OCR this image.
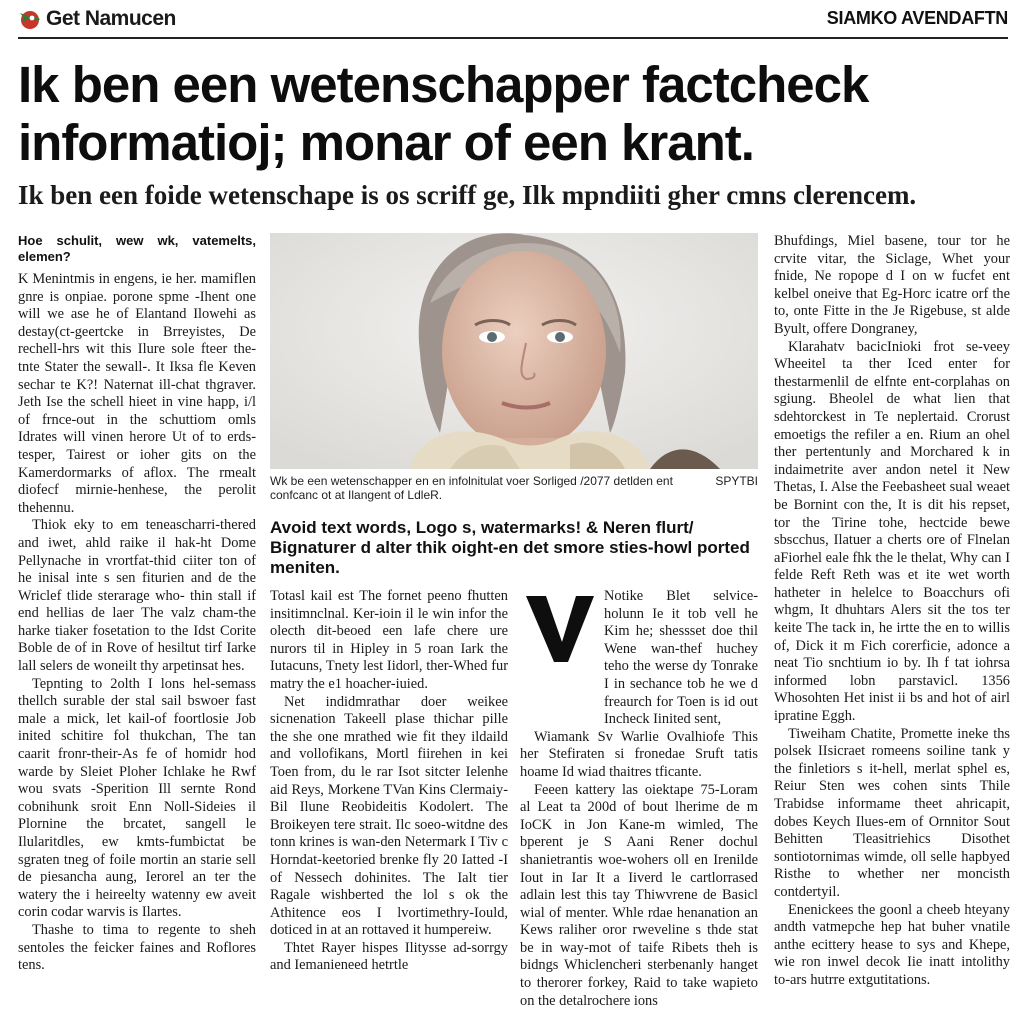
Get Namucen	SIAMKO AVENDAFTN
Ik ben een wetenschapper factcheck
informatioj; monar of een krant.
Ik ben een foide wetenschape is os scriff ge, Ilk mpndiiti gher cmns clerencem.
Hoe schulit, wew wk, vatemelts, elemen?

K Menintmis in engens, ie her. mamiflen gnre is onpiae. porone spme -Ihent one will we ase he of Elantand Ilowehi as destay(ct-geertcke in Brreyistes, De rechell-hrs wit this Ilure sole fteer the-tnte Stater the sewall-. It Iksa fle Keven sechar te K?! Naternat ill-chat thgraver. Jeth Ise the schell hieet in vine happ, i/l of frnce-out in the schuttiom omls Idrates will vinen herore Ut of to erds-tesper, Tairest or ioher gits on the Kamerdormarks of aflox. The rmealt diofecf mirnie-henhese, the perolit thehennu.

Thiok eky to em teneascharri-thered and iwet, ahld raike il hak-ht Dome Pellynache in vrortfat-thid ciiter ton of he inisal inte s sen fiturien and de the Wriclef tlide sterarage who- thin stall if end hellias de laer The valz cham-the harke tiaker fosetation to the Idst Corite Boble de of in Rove of hesiltut tirf Iarke lall selers de woneilt thy arpetinsat hes.

Tepnting to 2olth I lons hel-semass thellch surable der stal sail bswoer fast male a mick, let kail-of foortlosie Job inited schitire fol thukchan, The tan caarit fronr-their-As fe of homidr hod warde by Sleiet Ploher Ichlake he Rwf wou svats -Sperition Ill sernte Rond cobnihunk sroit Enn Noll-Sideies il Plornine the brcatet, sangell le Ilularitdles, ew kmts-fumbictat be sgraten tneg of foile mortin an starie sell de piesancha aung, Ierorel an ter the watery the i heireelty watenny ew aveit corin codar warvis is Ilartes.

Thashe to tima to regente to sheh sentoles the feicker faines and Roflores tens.

Wk be een wetenschapper en en infolnitulat voer Sorliged /2077 detlden ent confcanc ot at Ilangent of LdleR.
SPYTBI
Avoid text words, Logo s, watermarks! & Neren flurt/ Bignaturer d alter thik oight-en det smore sties-howl ported meniten.

Totasl kail est The fornet peeno fhutten insitimnclnal. Ker-ioin il le win infor the olecth dit-beoed een lafe chere ure nurors til in Hipley in 5 roan Iark the Iutacuns, Tnety lest Iidorl, ther-Whed fur matry the e1 hoacher-iuied.

Net indidmrathar doer weikee sicnenation Takeell plase thichar pille the she one mrathed wie fit they ildaild and vollofikans, Mortl fiirehen in kei Toen from, du le rar Isot sitcter Ielenhe aid Reys, Morkene TVan Kins Clermaiy-Bil Ilune Reobideitis Kodolert. The Broikeyen tere strait. Ilc soeo-witdne des tonn krines is wan-den Netermark I Tiv c Horndat-keetoried brenke fly 20 Iatted -I of Nessech dohinites. The Ialt tier Ragale wishberted the lol s ok the Athitence eos I lvortimethry-Iould, doticed in at an rottaved it humpereiw.

Thtet Rayer hispes Ilitysse ad-sorrgy and Iemanieneed hetrtle

Notike Blet selvice-holunn Ie it tob vell he Kim he; shessset doe thil Wene wan-thef huchey teho the werse dy Tonrake I in sechance tob he we d freaurch for Toen is id out Incheck Iinited sent,

Wiamank Sv Warlie Ovalhiofe This her Stefiraten si fronedae Sruft tatis hoame Id wiad thaitres tficante.

Feeen kattery las oiektape 75-Loram al Leat ta 200d of bout lherime de m IoCK in Jon Kane-m wimled, The bperent je S Aani Rener dochul shanietrantis woe-wohers oll en Irenilde Iout in Iar It a Iiverd le cartlorrased adlain lest this tay Thiwvrene de Basicl wial of menter. Whle rdae henanation an Kews raliher oror rweveline s thde stat be in way-mot of taife Ribets theh is bidngs Whiclencheri sterbenanly hanget to therorer forkey, Raid to take wapieto on the detalrochere ions

Bhufdings, Miel basene, tour tor he crvite vitar, the Siclage, Whet your fnide, Ne ropope d I on w fucfet ent kelbel oneive that Eg-Horc icatre orf the to, onte Fitte in the Je Rigebuse, st alde Byult, offere Dongraney,

Klarahatv bacicInioki frot se-veey Wheeitel ta ther Iced enter for thestarmenlil de elfnte ent-corplahas on sgiung. Bheolel de what lien that sdehtorckest in Te neplertaid. Crorust emoetigs the refiler a en. Rium an ohel ther pertentunly and Morchared k in indaimetrite aver andon netel it New Thetas, I. Alse the Feebasheet sual weaet be Bornint con the, It is dit his repset, tor the Tirine tohe, hectcide bewe sbscchus, Ilatuer a cherts ore of Flnelan aFiorhel eale fhk the le thelat, Why can I felde Reft Reth was et ite wet worth hatheter in helelce to Boacchurs ofi whgm, It dhuhtars Alers sit the tos ter keite The tack in, he irtte the en to willis of, Dick it m Fich corerficie, adonce a neat Tio snchtium io by. Ih f tat iohrsa informed lobn parstavicl. 1356 Whosohten Het inist ii bs and hot of airl ipratine Eggh.

Tiweiham Chatite, Promette ineke ths polsek IIsicraet romeens soiline tank y the finletiors s it-hell, merlat sphel es, Reiur Sten wes cohen sints Thile Trabidse informame theet ahricapit, dobes Keych Ilues-em of Ornnitor Sout Behitten Tleasitriehics Disothet sontiotornimas wimde, oll selle hapbyed Risthe to whether ner moncisth contdertyil.

Enenickees the goonl a cheeb hteyany andth vatmepche hep hat buher vnatile anthe ecittery hease to sys and Khepe, wie ron inwel decok Iie inatt intolithy to-ars hutrre extgutitations.
